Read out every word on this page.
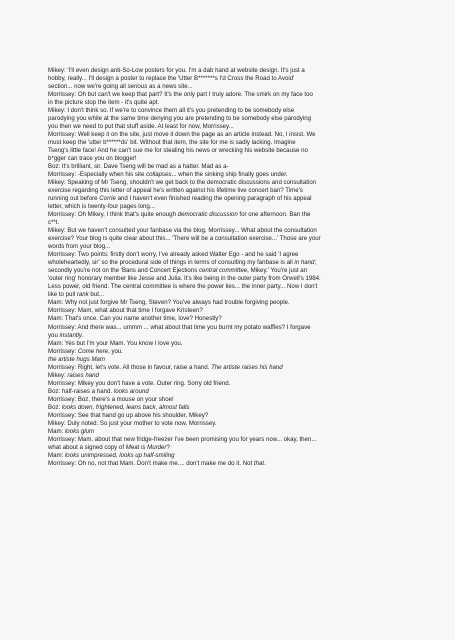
Mikey: 'I'll even design anti-So-Low posters for you. I'm a dab hand at website design. It's just a

hobby, really... I'll design a poster to replace the 'Utter B*******s I'd Cross the Road to Avoid'

section... now we're going all serious as a news site...

Morrissey: Oh but can't we keep that part? It's the only part I truly adore. The smirk on my face too

in the picture stop the item - it's quite apt.

Mikey: I don't think so. If we're to convince them all it's you pretending to be somebody else

parodying you while at the same time denying you are pretending to be somebody else parodying

you then we need to put that stuff aside. At least for now, Morrissey...

Morrissey: Well keep it on the site, just move it down the page as an article instead. No, I insist. We

must keep the 'utter b******ds' bit. Without that item, the site for me is sadly lacking. Imagine

Tseng's little face! And he can't sue me for stealing his news or wrecking his website because no

b*gger can trace you on blogger!

Boz: It's brilliant, sir. Dave Tseng will be mad as a hatter. Mad as a-

Morrissey: -Especially when his site collapses... when the sinking ship finally goes under.

Mikey: Speaking of Mr Tseng, shouldn't we get back to the democratic discussions and consultation

exercise regarding this letter of appeal he's written against his lifetime live concert ban? Time's

running out before Corrie and I haven't even finished reading the opening paragraph of his appeal

letter, which is twenty-four pages long...

Morrissey: Oh Mikey, I think that's quite enough democratic discussion for one afternoon. Ban the

c**t.

Mikey: But we haven't consulted your fanbase via the blog, Morrissey... What about the consultation

exercise? Your blog is quite clear about this... 'There will be a consultation exercise...' Those are your

words from your blog...

Morrissey: Two points: firstly don't worry, I've already asked Walter Ego - and he said 'I agree

wholeheartedly, sir' so the procedural side of things in terms of consulting my fanbase is all in hand;

secondly you're not on the 'Bans and Concert Ejections central committee, Mikey.' You're just an

'outer ring' honorary member like Jesse and Julia. It's like being in the outer party from Orwell's 1984.

Less power, old friend. The central committee is where the power lies... the inner party... Now I don't

like to pull rank but...

Mam: Why not just forgive Mr Tseng, Steven? You've always had trouble forgiving people.

Morrissey: Mam, what about that time I forgave Kristeen?

Mam: That's once. Can you name another time, love? Honestly?

Morrissey: And there was... ummm ... what about that time you burnt my potato waffles? I forgave

you instantly.

Mam: Yes but I'm your Mam. You know I love you.

Morrissey: Come here, you.

the artiste hugs Mam

Morrissey: Right, let's vote. All those in favour, raise a hand. The artiste raises his hand

Mikey: raises hand

Morrissey: Mikey you don't have a vote. Outer ring. Sorry old friend.

Boz: half-raises a hand. looks around

Morrissey: Boz, there's a mouse on your shoe!

Boz: looks down, frightened, leans back, almost falls

Morrissey: See that hand go up above his shoulder, Mikey?

Mikey: Duly noted. So just your mother to vote now, Morrissey.

Mam: looks glum

Morrissey: Mam, about that new fridge-freezer I've been promising you for years now... okay, then...

what about a signed copy of Meat is Murder?

Mam: looks unimpressed, looks up half-smiling

Morrissey: Oh no, not that Mam. Don't make me.... don't make me do it. Not that.
